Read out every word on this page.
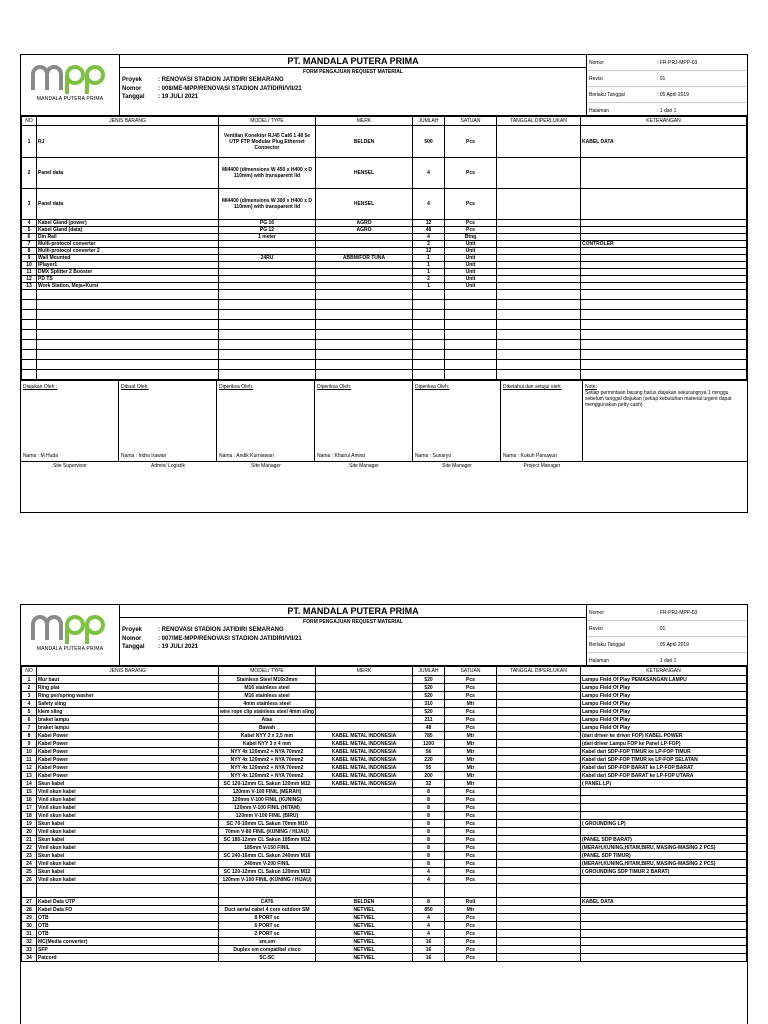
MANDALA PUTERA PRIMA
PT. MANDALA PUTERA PRIMA
FORM PENGAJUAN REQUEST MATERIAL
Proyek	: RENOVASI STADION JATIDIRI SEMARANG
Nomor	: 008/ME-MPP/RENOVASI STADION JATIDIRI/VII/21
Tanggal	: 19 JULI 2021
Nomor	: FR-PRJ-MPP-03
Revisi	: 01
Berlaku Tanggal	: 05 April 2019
Halaman	: 1 dari 1
NO	JENIS BARANG	MODEL/ TYPE	MERK	JUMLAH	SATUAN	TANGGAL DIPERLUKAN	KETERANGAN
1	RJ	Ventilan Konektor RJ45 Cat6 1 48 5e UTP FTP Modular Plug Ethernet Connector	BELDEN	500	Pcs		KABEL DATA
2	Panel data	MI4400 (dimensions W 450 x H400 x D 110mm) with transparent lid	HENSEL	4	Pcs		
3	Panel data	MI4400 (dimensions W 300 x H400 x D 110mm) with transparent lid	HENSEL	4	Pcs		
4	Kabel Gland (power)	PG 16	AGRO	12	Pcs		
5	Kabel Gland (data)	PG 12	AGRO	48	Pcs		
6	Din Rail	1 meter		4	Btng		
7	Multi-protocol converter			2	Unit		CONTROLER
8	Multi-protocol converter 2			12	Unit		
9	Wall Mounted	24RU	ABBM/FOR TUNA	1	Unit		
10	IPlayer1			1	Unit		
11	DMX Splitter 2 Booster			1	Unit		
12	PD TS			2	Unit		
13	Work Station, Meja+Kursi			1	Unit		

Diajukan Oleh :
Nama : M Huda
Dibuat Oleh:
Nama : Indra Irawan
Diperiksa Oleh:
Nama : Andik Kurniawan
Diperiksa Oleh:
Nama : Khairul Anwar
Diperiksa Oleh:
Nama : Sunaryo
Diketahui dan setujui oleh:
Nama : Kukuh Panuwun
Note:
Setiap permintaan barang harus diajukan sekurangnya 1 minggu sebelum tanggal diajukan (setiap kebutuhan material urgent dapat menggunakan petty cash)
Site Supervisor	Admin/ Logistik	Site Manager	Site Manager	Site Manager	Project Manager
MANDALA PUTERA PRIMA
PT. MANDALA PUTERA PRIMA
FORM PENGAJUAN REQUEST MATERIAL
Proyek	: RENOVASI STADION JATIDIRI SEMARANG
Nomor	: 007/ME-MPP/RENOVASI STADION JATIDIRI/VII/21
Tanggal	: 19 JULI 2021
Nomor	: FR-PRJ-MPP-03
Revisi	: 01
Berlaku Tanggal	: 05 April 2019
Halaman	: 1 dari 1
NO	JENIS BARANG	MODEL/ TYPE	MERK	JUMLAH	SATUAN	TANGGAL DIPERLUKAN	KETERANGAN
1	Mur baut	Stainless Steel M16x3mm		520	Pcs		Lampu Field Of Play PEMASANGAN LAMPU
2	Ring plat	M16 stainless steel		520	Pcs		Lampu Field Of Play
3	Ring per/spring washer	M16 stainless steel		520	Pcs		Lampu Field Of Play
4	Safety sling	4mm stainless steel		310	Mtr		Lampu Field Of Play
5	klem sling	wire rope clip stainless steel 4mm sling		520	Pcs		Lampu Field Of Play
6	braket lampu	Atas		211	Pcs		Lampu Field Of Play
7	braket lampu	Bawah		48	Pcs		Lampu Field Of Play
8	Kabel Power	Kabel NYY 3 x 2,5 mm	KABEL METAL INDONESIA	785	Mtr		(dari driver ke driver FOP) KABEL POWER
9	Kabel Power	Kabel NYY 3 x 4 mm	KABEL METAL INDONESIA	1200	Mtr		(dari driver Lampu FOP ke Panel LP-FOP)
10	Kabel Power	NYY 4x 120mm2 + NYA 70mm2	KABEL METAL INDONESIA	56	Mtr		Kabel dari SDP-FOP TIMUR ke LP-FOP TIMUR
11	Kabel Power	NYY 4x 120mm2 + NYA 70mm2	KABEL METAL INDONESIA	220	Mtr		Kabel dari SDP-FOP TIMUR ke LP-FOP SELATAN
12	Kabel Power	NYY 4x 120mm2 + NYA 70mm2	KABEL METAL INDONESIA	95	Mtr		Kabel dari SDP-FOP BARAT ke LP-FOP BARAT
13	Kabel Power	NYY 4x 120mm2 + NYA 70mm2	KABEL METAL INDONESIA	200	Mtr		Kabel dari SDP-FOP BARAT ke LP-FOP UTARA
14	Skun kabel	SC 120-12mm CL Sakun 120mm M12	KABEL METAL INDONESIA	32	Mtr		( PANEL LP)
15	Vinil skun kabel	120mm V-100 FINIL (MERAH)		8	Pcs		
16	Vinil skun kabel	120mm V-100 FINIL (KUNING)		8	Pcs		
17	Vinil skun kabel	120mm V-100 FINIL (HITAM)		8	Pcs		
18	Vinil skun kabel	120mm V-100 FINIL (BIRU)		8	Pcs		
19	Skun kabel	SC 70-10mm CL Sakun 70mm M10		8	Pcs		( GROUNDING LP)
20	Vinil skun kabel	70mm V-80 FINIL (KUNING / HIJAU)		8	Pcs		
21	Skun kabel	SC 185-12mm CL Sakun 185mm M12		8	Pcs		(PANEL SDP BARAT)
22	Vinil skun kabel	185mm V-150 FINIL		8	Pcs		(MERAH,KUNING,HITAM,BIRU, MASING-MASING 2 PCS)
23	Skun kabel	SC 240-16mm CL Sakun 240mm M16		8	Pcs		(PANEL SDP TIMUR)
24	Vinil skun kabel	240mm V-200 FINIL		8	Pcs		(MERAH,KUNING,HITAM,BIRU, MASING-MASING 2 PCS)
25	Skun kabel	SC 120-12mm CL Sakun 120mm M12		4	Pcs		( GROUNDING SDP TIMUR 2 BARAT)
26	Vinil skun kabel	120mm V-100 FINIL (KUNING / HIJAU)		4	Pcs		

27	Kabel Data UTP	CAT6	BELDEN	8	Roll		KABEL DATA
28	Kabel Data FO	Duct aerial cabel 4 core outdoor SM	NETVIEL	850	Mtr		
29	OTB	8 PORT sc	NETVIEL	4	Pcs		
30	OTB	6 PORT sc	NETVIEL	4	Pcs		
31	OTB	2 PORT sc	NETVIEL	4	Pcs		
32	MC(Media converter)	sm,sm	NETVIEL	16	Pcs		
33	SFP	Duplex sm compatibel cisco	NETVIEL	16	Pcs		
34	Patcord	SC-SC	NETVIEL	16	Pcs		
